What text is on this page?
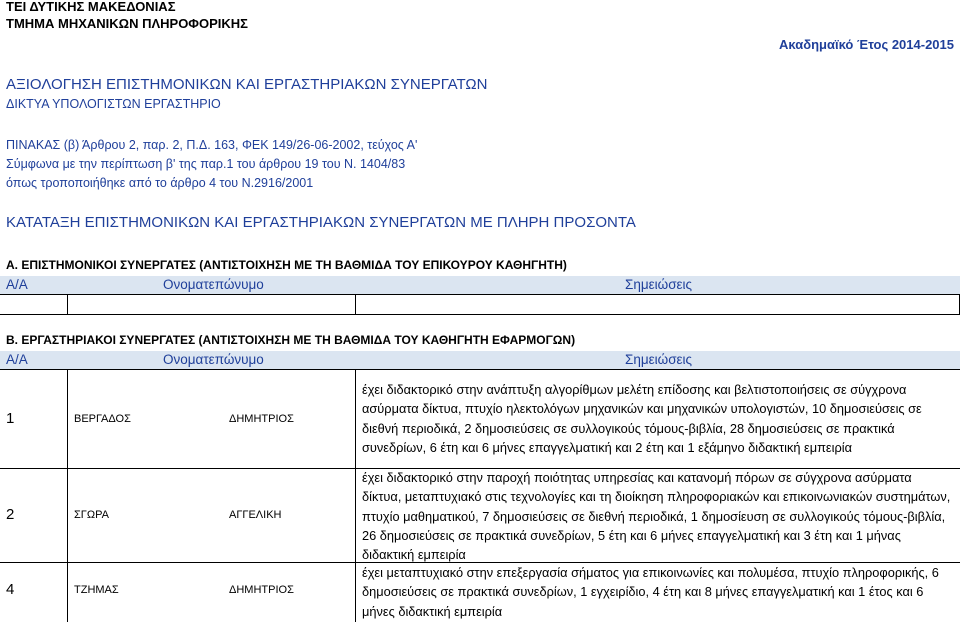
ΤΕΙ ΔΥΤΙΚΗΣ ΜΑΚΕΔΟΝΙΑΣ
ΤΜΗΜΑ ΜΗΧΑΝΙΚΩΝ ΠΛΗΡΟΦΟΡΙΚΗΣ
Ακαδημαϊκό Έτος 2014-2015
ΑΞΙΟΛΟΓΗΣΗ ΕΠΙΣΤΗΜΟΝΙΚΩΝ ΚΑΙ ΕΡΓΑΣΤΗΡΙΑΚΩΝ ΣΥΝΕΡΓΑΤΩΝ
ΔΙΚΤΥΑ ΥΠΟΛΟΓΙΣΤΩΝ ΕΡΓΑΣΤΗΡΙΟ
ΠΙΝΑΚΑΣ (β) Άρθρου 2, παρ. 2, Π.Δ. 163, ΦΕΚ 149/26-06-2002, τεύχος Α'
Σύμφωνα με την περίπτωση β' της παρ.1 του άρθρου 19 του Ν. 1404/83
όπως τροποποιήθηκε από το άρθρο 4 του Ν.2916/2001
ΚΑΤΑΤΑΞΗ ΕΠΙΣΤΗΜΟΝΙΚΩΝ ΚΑΙ ΕΡΓΑΣΤΗΡΙΑΚΩΝ ΣΥΝΕΡΓΑΤΩΝ ΜΕ ΠΛΗΡΗ ΠΡΟΣΟΝΤΑ
Α. ΕΠΙΣΤΗΜΟΝΙΚΟΙ ΣΥΝΕΡΓΑΤΕΣ (ΑΝΤΙΣΤΟΙΧΗΣΗ ΜΕ ΤΗ ΒΑΘΜΙΔΑ ΤΟΥ ΕΠΙΚΟΥΡΟΥ ΚΑΘΗΓΗΤΗ)
Α/Α	Ονοματεπώνυμο	Σημειώσεις
Β. ΕΡΓΑΣΤΗΡΙΑΚΟΙ ΣΥΝΕΡΓΑΤΕΣ (ΑΝΤΙΣΤΟΙΧΗΣΗ ΜΕ ΤΗ ΒΑΘΜΙΔΑ ΤΟΥ ΚΑΘΗΓΗΤΗ ΕΦΑΡΜΟΓΩΝ)
Α/Α	Ονοματεπώνυμο	Σημειώσεις
1	ΒΕΡΓΑΔΟΣ	ΔΗΜΗΤΡΙΟΣ
έχει διδακτορικό στην ανάπτυξη αλγορίθμων μελέτη επίδοσης και βελτιστοποιήσεις σε σύγχρονα ασύρματα δίκτυα, πτυχίο ηλεκτολόγων μηχανικών και μηχανικών υπολογιστών, 10 δημοσιεύσεις σε διεθνή περιοδικά, 2 δημοσιεύσεις σε συλλογικούς τόμους-βιβλία, 28 δημοσιεύσεις σε πρακτικά συνεδρίων, 6 έτη και 6 μήνες επαγγελματική και 2 έτη και 1 εξάμηνο διδακτική εμπειρία
2	ΣΓΩΡΑ	ΑΓΓΕΛΙΚΗ
έχει διδακτορικό στην παροχή ποιότητας υπηρεσίας και κατανομή πόρων σε σύγχρονα ασύρματα δίκτυα, μεταπτυχιακό στις τεχνολογίες και τη διοίκηση πληροφοριακών και επικοινωνιακών συστημάτων, πτυχίο μαθηματικού, 7 δημοσιεύσεις σε διεθνή περιοδικά, 1 δημοσίευση σε συλλογικούς τόμους-βιβλία, 26 δημοσιεύσεις σε πρακτικά συνεδρίων, 5 έτη και 6 μήνες επαγγελματική και 3 έτη και 1 μήνας διδακτική εμπειρία
4	ΤΖΗΜΑΣ	ΔΗΜΗΤΡΙΟΣ
έχει μεταπτυχιακό στην επεξεργασία σήματος για επικοινωνίες και πολυμέσα, πτυχίο πληροφορικής, 6 δημοσιεύσεις σε πρακτικά συνεδρίων, 1 εγχειρίδιο, 4 έτη και 8 μήνες επαγγελματική και 1 έτος και 6 μήνες διδακτική εμπειρία
